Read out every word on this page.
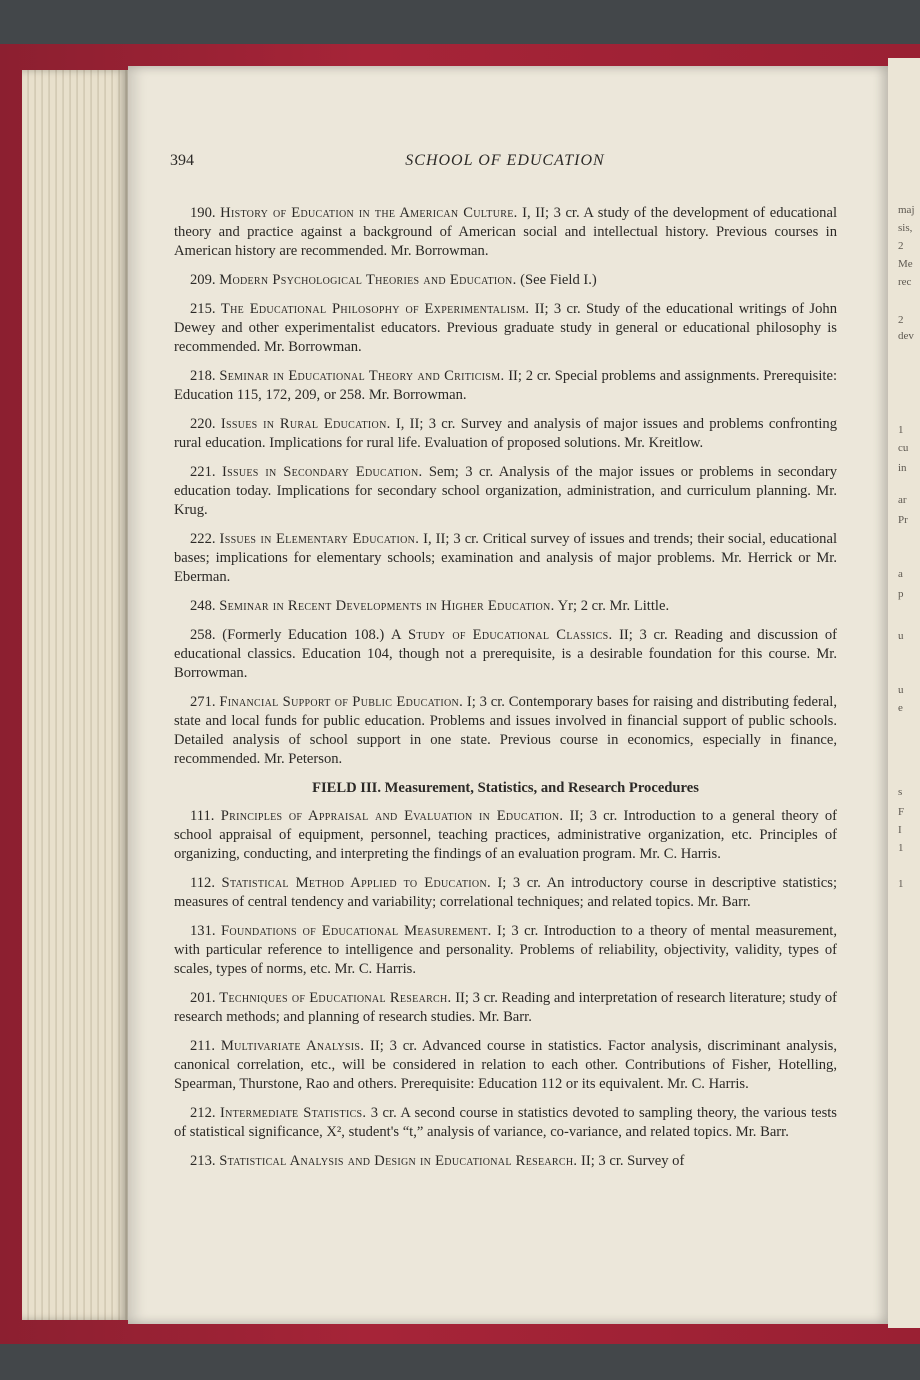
maj
sis,
2
Me
rec
2
dev
1
cu
in
ar
Pr
a
p
u
u
e
s
F
I
1
1
394	SCHOOL OF EDUCATION

190. History of Education in the American Culture. I, II; 3 cr. A study of the development of educational theory and practice against a background of American social and intellectual history. Previous courses in American history are recommended. Mr. Borrowman.

209. Modern Psychological Theories and Education. (See Field I.)

215. The Educational Philosophy of Experimentalism. II; 3 cr. Study of the educational writings of John Dewey and other experimentalist educators. Previous graduate study in general or educational philosophy is recommended. Mr. Borrowman.

218. Seminar in Educational Theory and Criticism. II; 2 cr. Special problems and assignments. Prerequisite: Education 115, 172, 209, or 258. Mr. Borrowman.

220. Issues in Rural Education. I, II; 3 cr. Survey and analysis of major issues and problems confronting rural education. Implications for rural life. Evaluation of proposed solutions. Mr. Kreitlow.

221. Issues in Secondary Education. Sem; 3 cr. Analysis of the major issues or problems in secondary education today. Implications for secondary school organization, administration, and curriculum planning. Mr. Krug.

222. Issues in Elementary Education. I, II; 3 cr. Critical survey of issues and trends; their social, educational bases; implications for elementary schools; examination and analysis of major problems. Mr. Herrick or Mr. Eberman.

248. Seminar in Recent Developments in Higher Education. Yr; 2 cr. Mr. Little.

258. (Formerly Education 108.) A Study of Educational Classics. II; 3 cr. Reading and discussion of educational classics. Education 104, though not a prerequisite, is a desirable foundation for this course. Mr. Borrowman.

271. Financial Support of Public Education. I; 3 cr. Contemporary bases for raising and distributing federal, state and local funds for public education. Problems and issues involved in financial support of public schools. Detailed analysis of school support in one state. Previous course in economics, especially in finance, recommended. Mr. Peterson.

FIELD III. Measurement, Statistics, and Research Procedures

111. Principles of Appraisal and Evaluation in Education. II; 3 cr. Introduction to a general theory of school appraisal of equipment, personnel, teaching practices, administrative organization, etc. Principles of organizing, conducting, and interpreting the findings of an evaluation program. Mr. C. Harris.

112. Statistical Method Applied to Education. I; 3 cr. An introductory course in descriptive statistics; measures of central tendency and variability; correlational techniques; and related topics. Mr. Barr.

131. Foundations of Educational Measurement. I; 3 cr. Introduction to a theory of mental measurement, with particular reference to intelligence and personality. Problems of reliability, objectivity, validity, types of scales, types of norms, etc. Mr. C. Harris.

201. Techniques of Educational Research. II; 3 cr. Reading and interpretation of research literature; study of research methods; and planning of research studies. Mr. Barr.

211. Multivariate Analysis. II; 3 cr. Advanced course in statistics. Factor analysis, discriminant analysis, canonical correlation, etc., will be considered in relation to each other. Contributions of Fisher, Hotelling, Spearman, Thurstone, Rao and others. Prerequisite: Education 112 or its equivalent. Mr. C. Harris.

212. Intermediate Statistics. 3 cr. A second course in statistics devoted to sampling theory, the various tests of statistical significance, X², student's “t,” analysis of variance, co-variance, and related topics. Mr. Barr.

213. Statistical Analysis and Design in Educational Research. II; 3 cr. Survey of
